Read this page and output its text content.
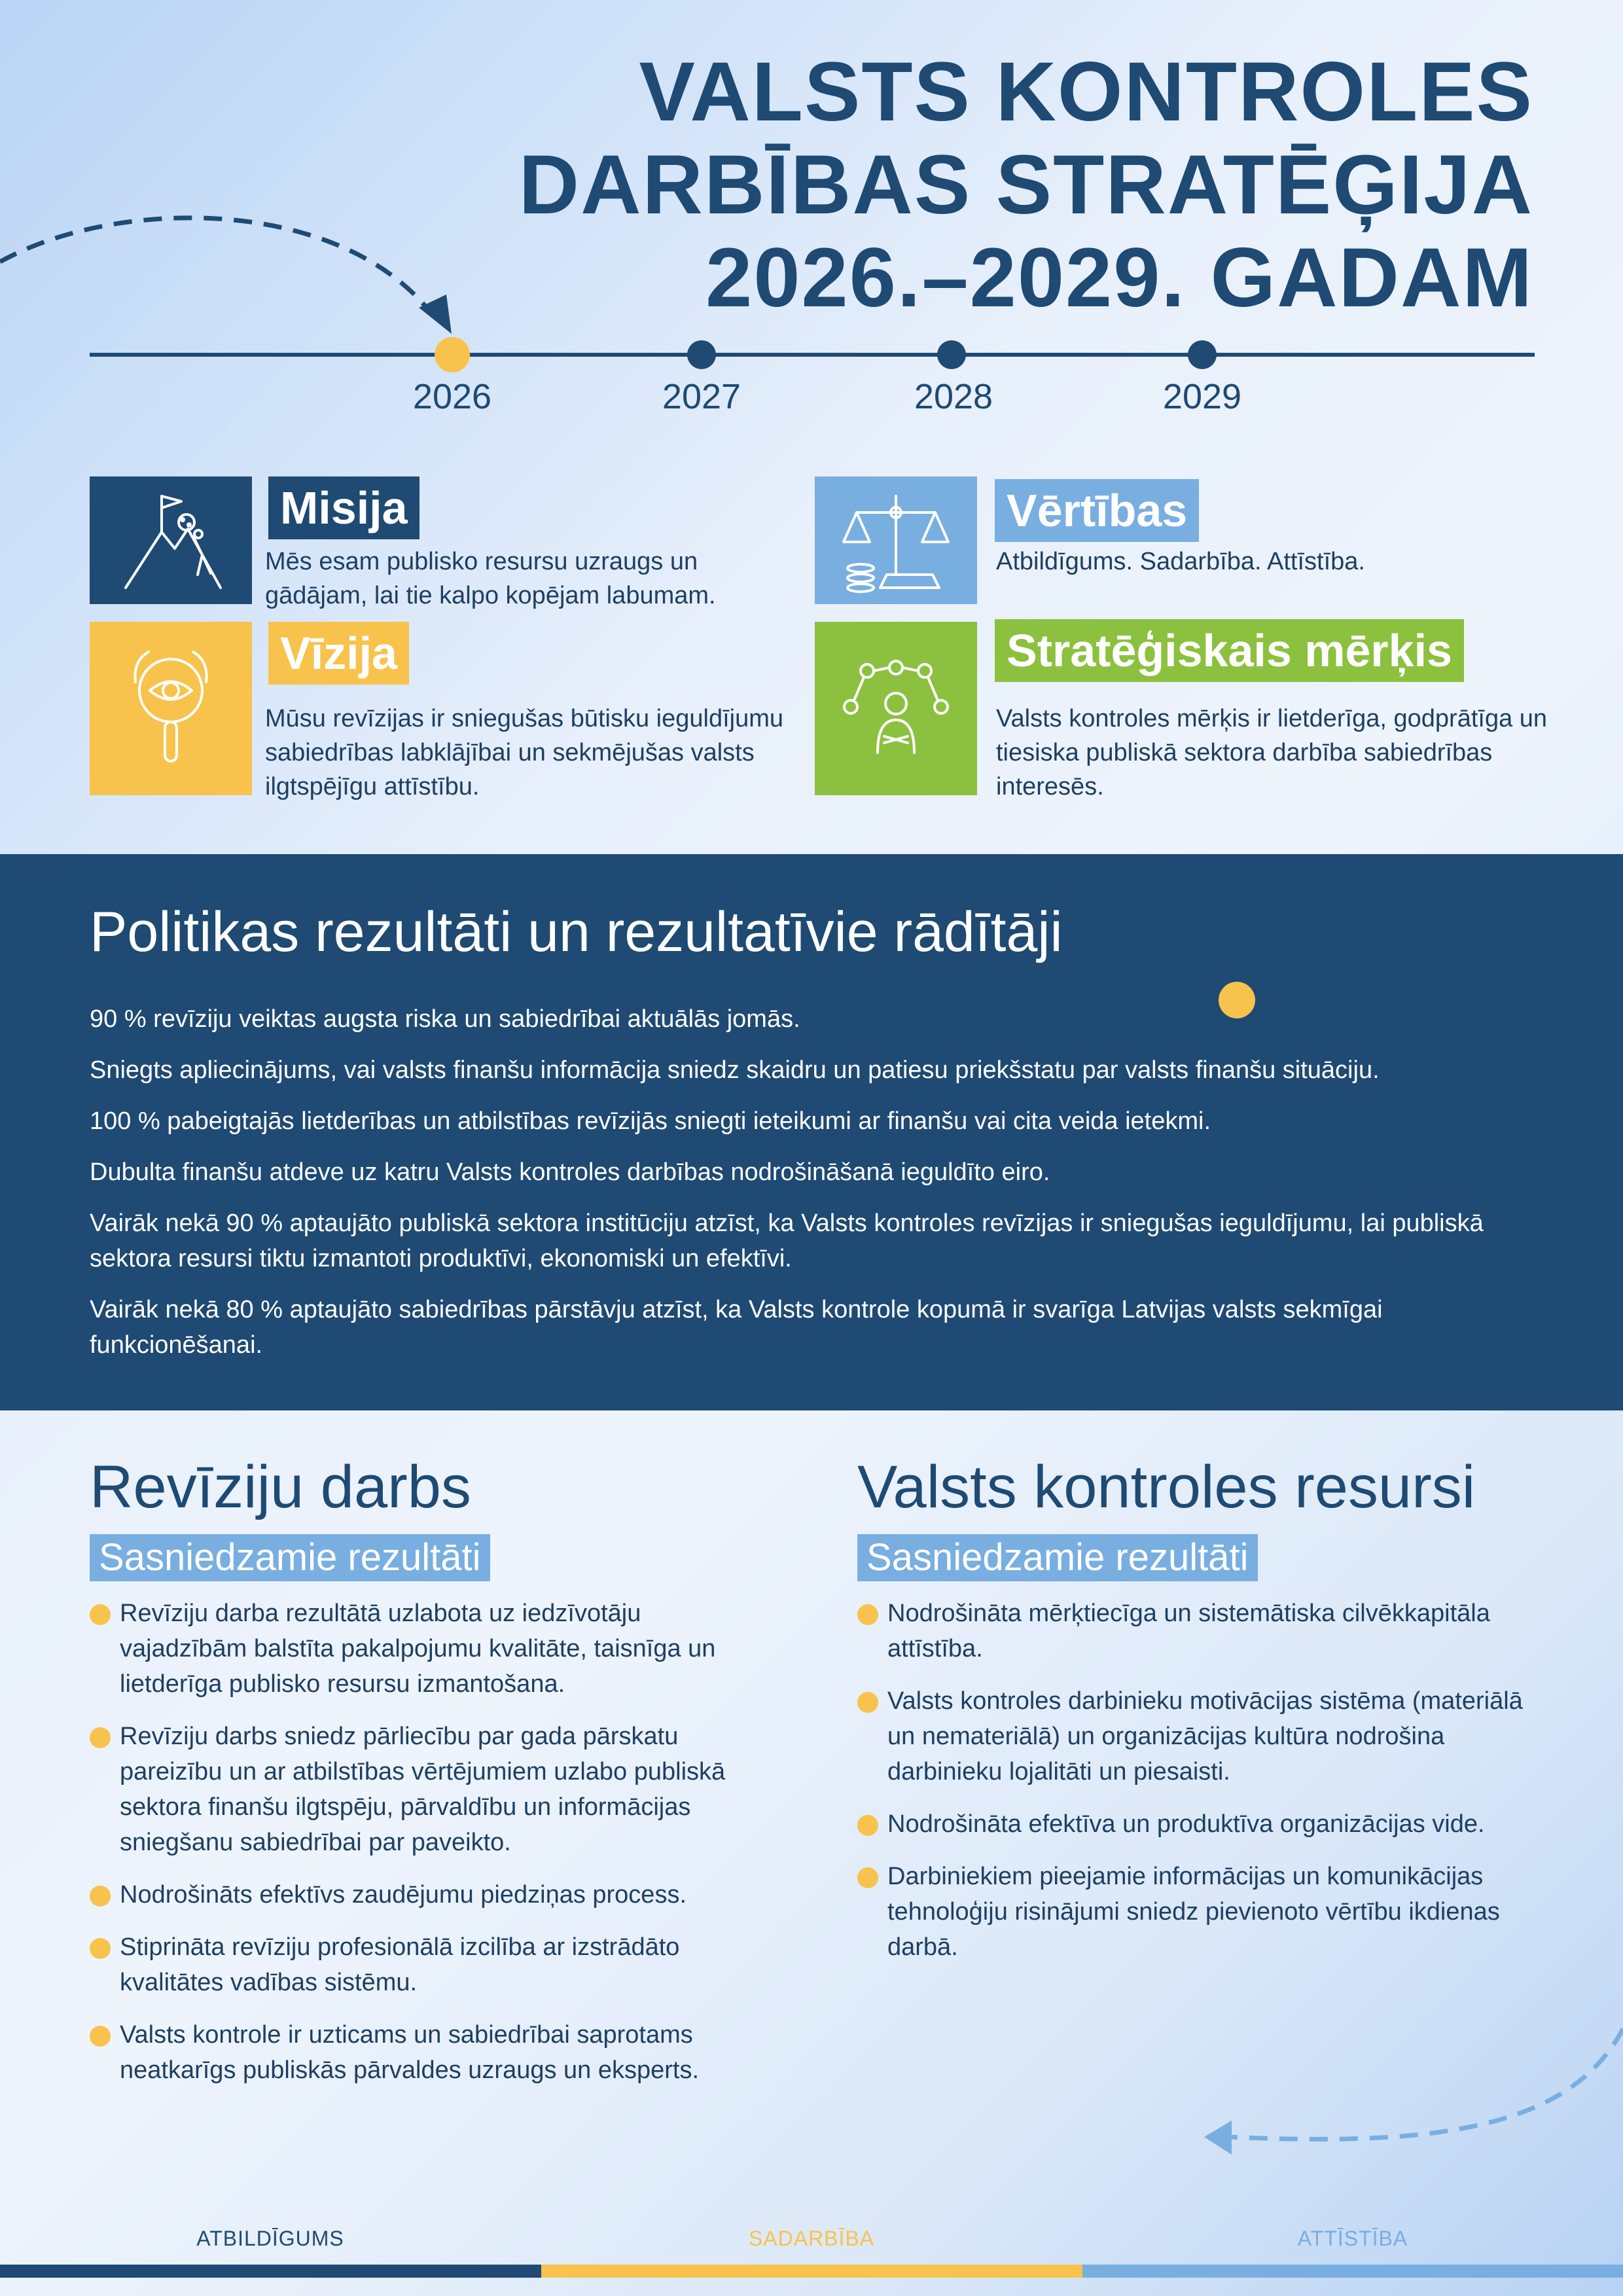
VALSTS KONTROLES
DARBĪBAS STRATĒĢIJA
2026.–2029. GADAM
2026	2027	2028	2029
Misija
Mēs esam publisko resursu uzraugs un gādājam, lai tie kalpo kopējam labumam.
Vīzija
Mūsu revīzijas ir sniegušas būtisku ieguldījumu sabiedrības labklājībai un sekmējušas valsts ilgtspējīgu attīstību.
Vērtības
Atbildīgums. Sadarbība. Attīstība.
Stratēģiskais mērķis
Valsts kontroles mērķis ir lietderīga, godprātīga un tiesiska publiskā sektora darbība sabiedrības interesēs.
Politikas rezultāti un rezultatīvie rādītāji
90 % revīziju veiktas augsta riska un sabiedrībai aktuālās jomās.
Sniegts apliecinājums, vai valsts finanšu informācija sniedz skaidru un patiesu priekšstatu par valsts finanšu situāciju.
100 % pabeigtajās lietderības un atbilstības revīzijās sniegti ieteikumi ar finanšu vai cita veida ietekmi.
Dubulta finanšu atdeve uz katru Valsts kontroles darbības nodrošināšanā ieguldīto eiro.
Vairāk nekā 90 % aptaujāto publiskā sektora institūciju atzīst, ka Valsts kontroles revīzijas ir sniegušas ieguldījumu, lai publiskā sektora resursi tiktu izmantoti produktīvi, ekonomiski un efektīvi.
Vairāk nekā 80 % aptaujāto sabiedrības pārstāvju atzīst, ka Valsts kontrole kopumā ir svarīga Latvijas valsts sekmīgai funkcionēšanai.
Revīziju darbs
Sasniedzamie rezultāti
Revīziju darba rezultātā uzlabota uz iedzīvotāju vajadzībām balstīta pakalpojumu kvalitāte, taisnīga un lietderīga publisko resursu izmantošana.
Revīziju darbs sniedz pārliecību par gada pārskatu pareizību un ar atbilstības vērtējumiem uzlabo publiskā sektora finanšu ilgtspēju, pārvaldību un informācijas sniegšanu sabiedrībai par paveikto.
Nodrošināts efektīvs zaudējumu piedziņas process.
Stiprināta revīziju profesionālā izcilība ar izstrādāto kvalitātes vadības sistēmu.
Valsts kontrole ir uzticams un sabiedrībai saprotams neatkarīgs publiskās pārvaldes uzraugs un eksperts.
Valsts kontroles resursi
Sasniedzamie rezultāti
Nodrošināta mērķtiecīga un sistemātiska cilvēkkapitāla attīstība.
Valsts kontroles darbinieku motivācijas sistēma (materiālā un nemateriālā) un organizācijas kultūra nodrošina darbinieku lojalitāti un piesaisti.
Nodrošināta efektīva un produktīva organizācijas vide.
Darbiniekiem pieejamie informācijas un komunikācijas tehnoloģiju risinājumi sniedz pievienoto vērtību ikdienas darbā.
ATBILDĪGUMS	SADARBĪBA	ATTĪSTĪBA
